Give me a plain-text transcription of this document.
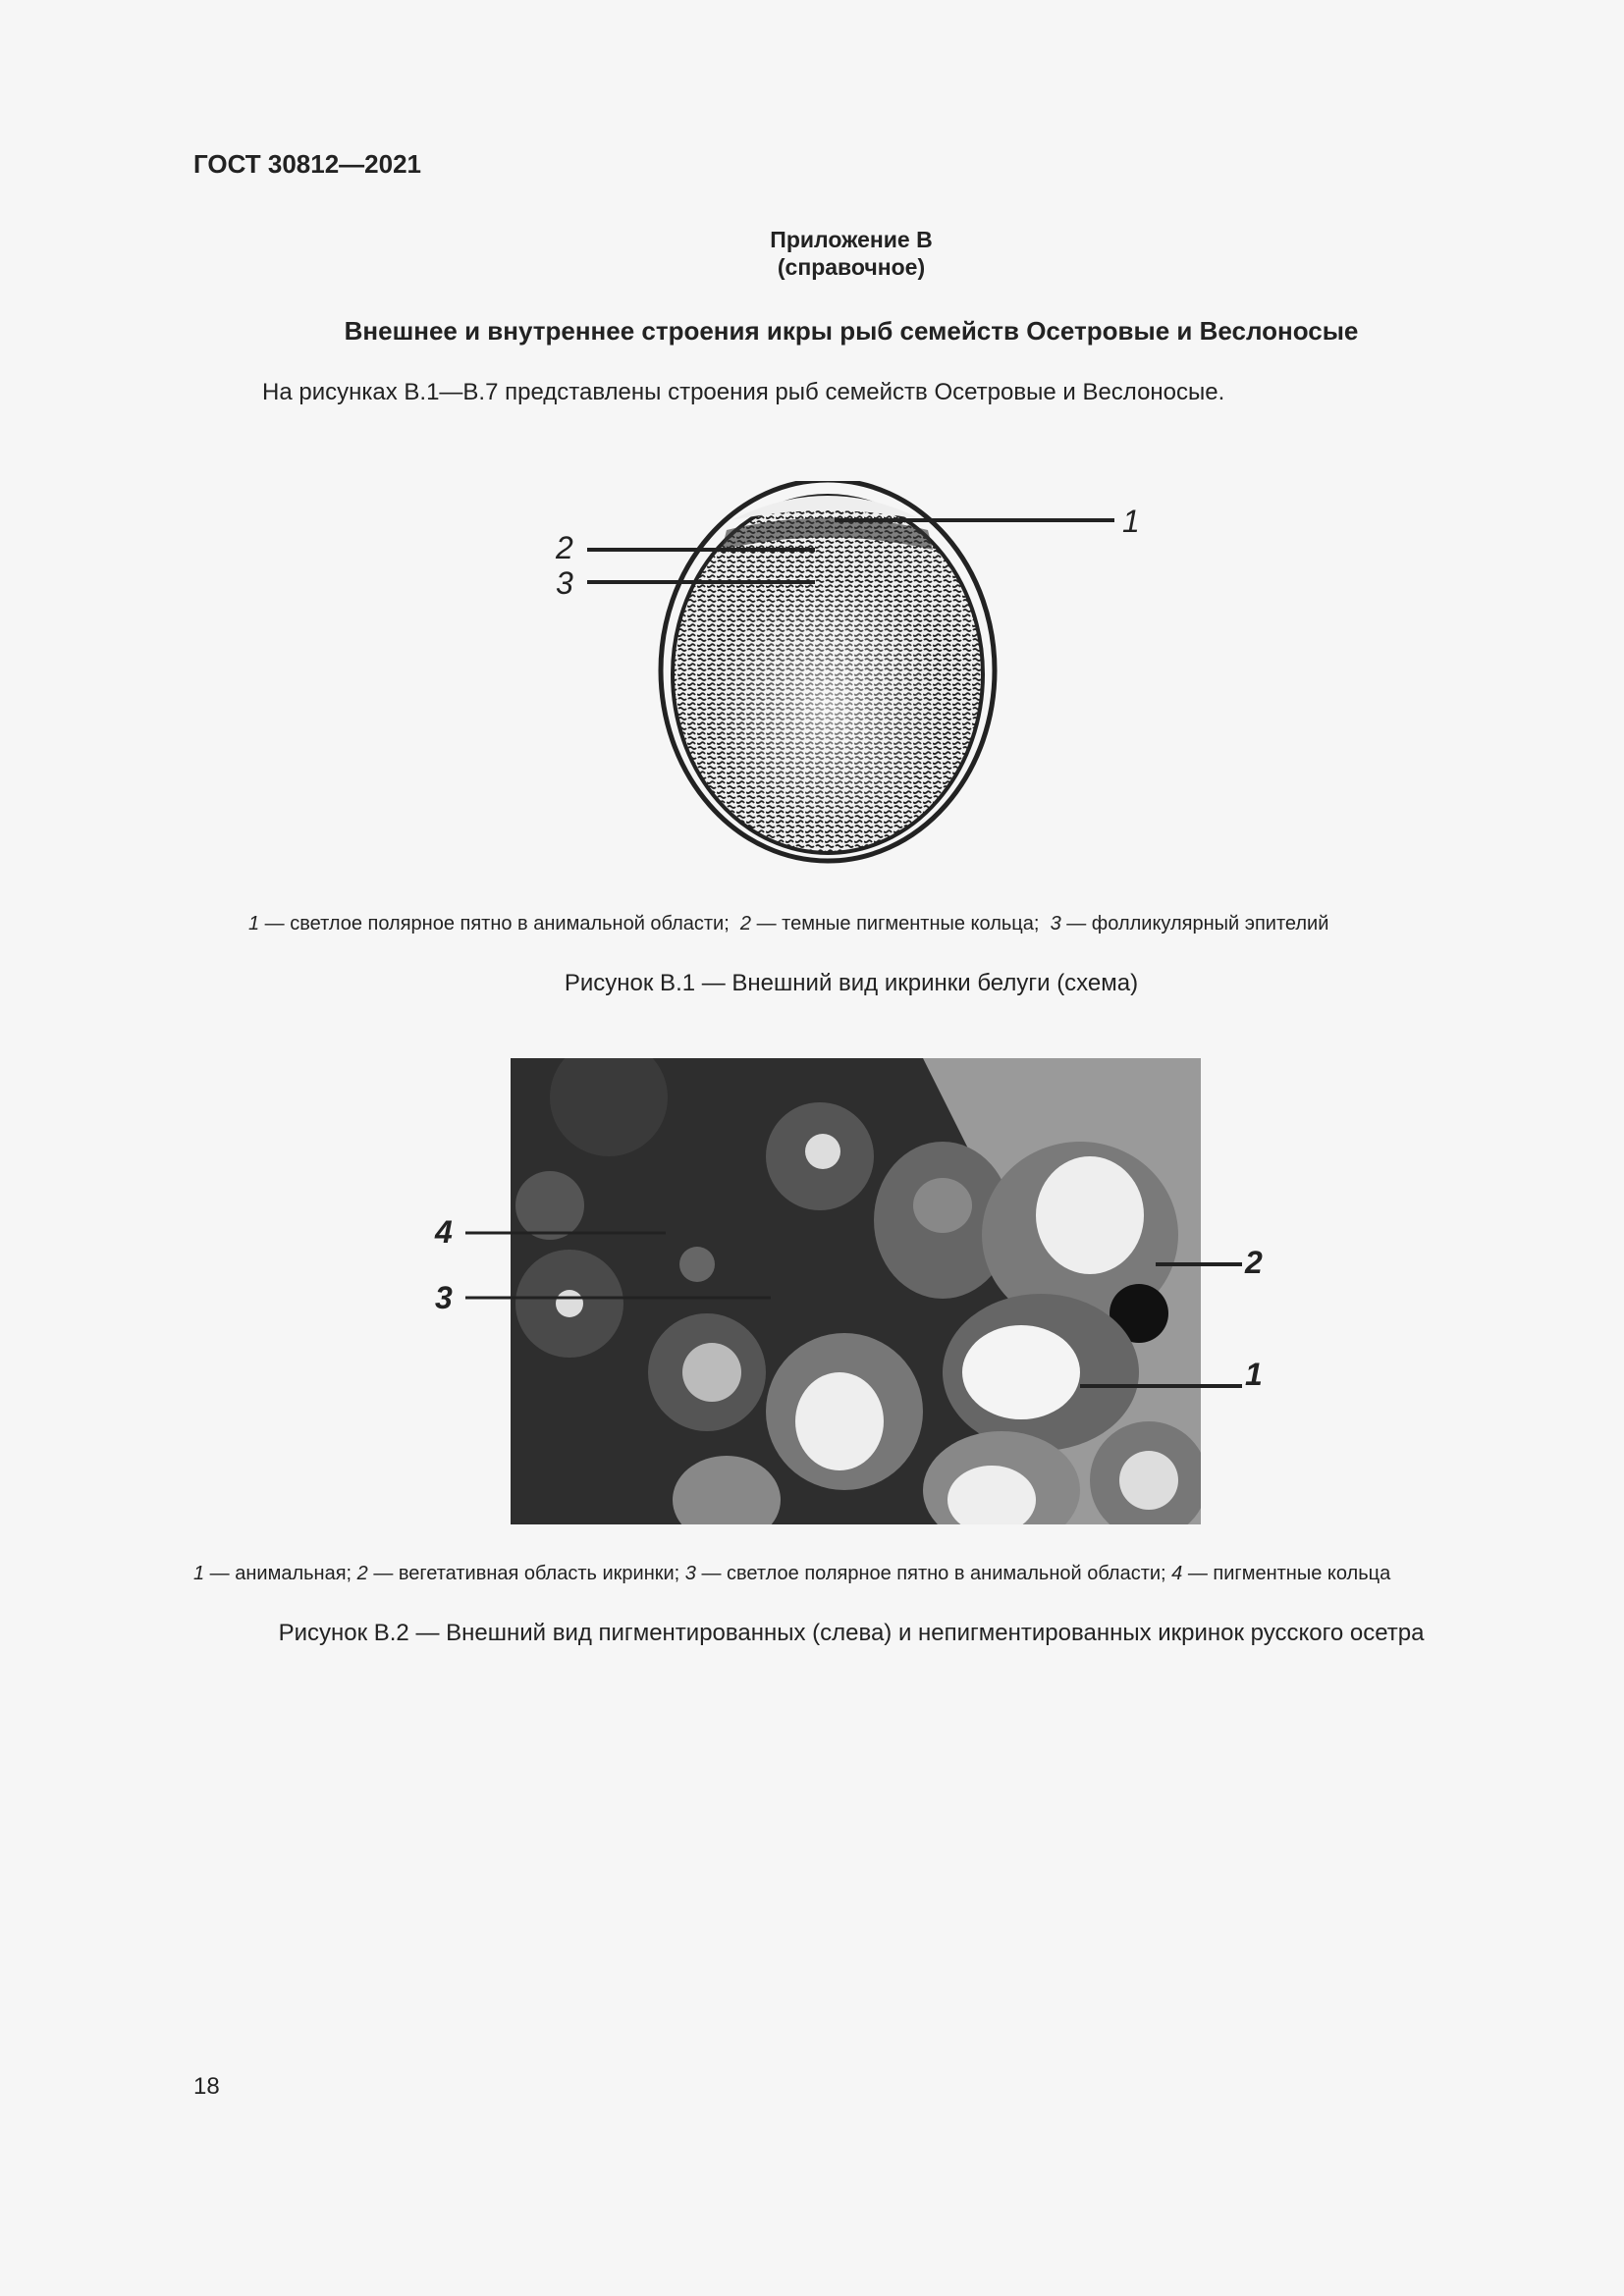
ГОСТ 30812—2021
Приложение В
(справочное)
Внешнее и внутреннее строения икры рыб семейств Осетровые и Веслоносые
На рисунках В.1—В.7 представлены строения рыб семейств Осетровые и Веслоносые.
1
2
3
1 — светлое полярное пятно в анимальной области; 2 — темные пигментные кольца; 3 — фолликулярный эпителий
Рисунок В.1 — Внешний вид икринки белуги (схема)
4
3
2
1
1 — анимальная; 2 — вегетативная область икринки; 3 — светлое полярное пятно в анимальной области; 4 — пигментные кольца
Рисунок В.2 — Внешний вид пигментированных (слева) и непигментированных икринок русского осетра
18
